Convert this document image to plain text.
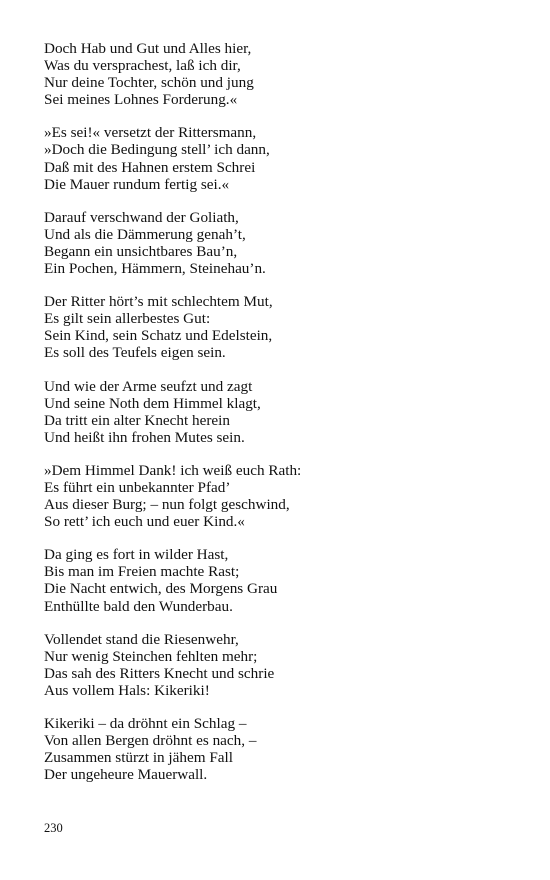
Doch Hab und Gut und Alles hier,
Was du versprachest, laß ich dir,
Nur deine Tochter, schön und jung
Sei meines Lohnes Forderung.«
»Es sei!« versetzt der Rittersmann,
»Doch die Bedingung stell’ ich dann,
Daß mit des Hahnen erstem Schrei
Die Mauer rundum fertig sei.«
Darauf verschwand der Goliath,
Und als die Dämmerung genah’t,
Begann ein unsichtbares Bau’n,
Ein Pochen, Hämmern, Steinehau’n.
Der Ritter hört’s mit schlechtem Mut,
Es gilt sein allerbestes Gut:
Sein Kind, sein Schatz und Edelstein,
Es soll des Teufels eigen sein.
Und wie der Arme seufzt und zagt
Und seine Noth dem Himmel klagt,
Da tritt ein alter Knecht herein
Und heißt ihn frohen Mutes sein.
»Dem Himmel Dank! ich weiß euch Rath:
Es führt ein unbekannter Pfad’
Aus dieser Burg; – nun folgt geschwind,
So rett’ ich euch und euer Kind.«
Da ging es fort in wilder Hast,
Bis man im Freien machte Rast;
Die Nacht entwich, des Morgens Grau
Enthüllte bald den Wunderbau.
Vollendet stand die Riesenwehr,
Nur wenig Steinchen fehlten mehr;
Das sah des Ritters Knecht und schrie
Aus vollem Hals: Kikeriki!
Kikeriki – da dröhnt ein Schlag –
Von allen Bergen dröhnt es nach, –
Zusammen stürzt in jähem Fall
Der ungeheure Mauerwall.
230
